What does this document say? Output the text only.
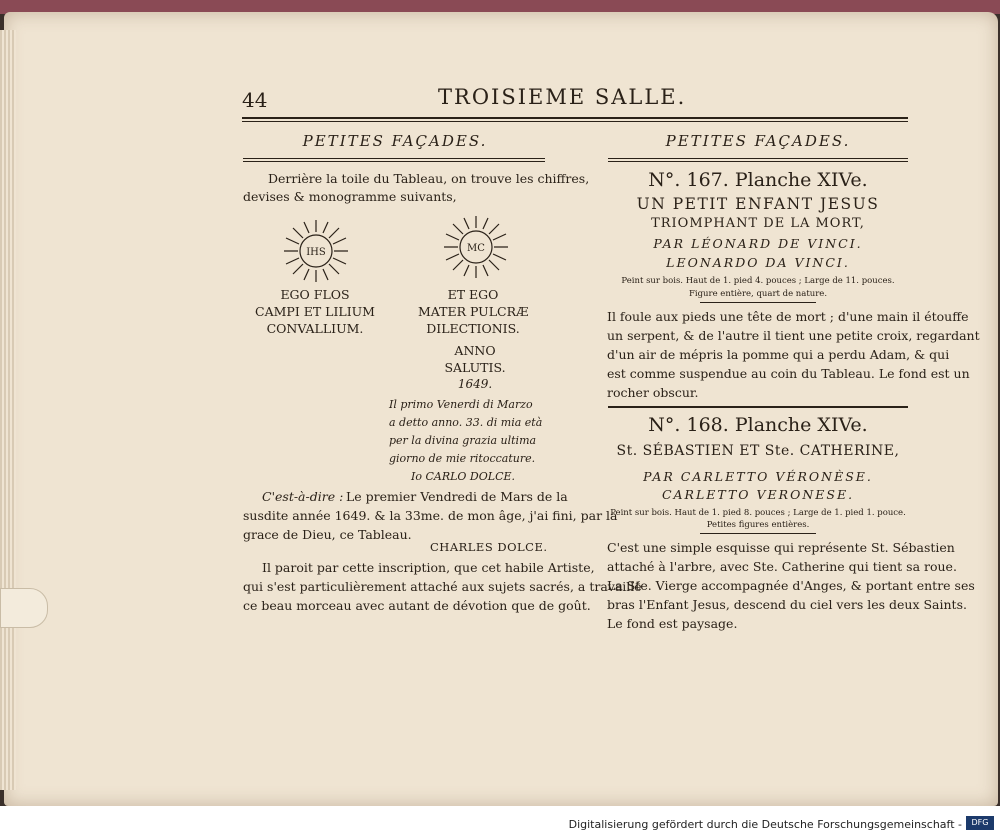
44	TROISIEME SALLE.
PETITES FAÇADES.
Derrière la toile du Tableau, on trouve les chiffres,
devises & monogramme suivants,
IHS	MC
EGO FLOS
CAMPI ET LILIUM
CONVALLIUM.
ET EGO
MATER PULCRÆ
DILECTIONIS.
ANNO
SALUTIS.
1649.
Il primo Venerdi di Marzo
a detto anno. 33. di mia età
per la divina grazia ultima
giorno de mie ritoccature.
Io CARLO DOLCE.
C'est-à-dire : Le premier Vendredi de Mars de la
susdite année 1649. & la 33me. de mon âge, j'ai fini, par la
grace de Dieu, ce Tableau.
CHARLES DOLCE.
Il paroit par cette inscription, que cet habile Artiste,
qui s'est particulièrement attaché aux sujets sacrés, a travaillé
ce beau morceau avec autant de dévotion que de goût.
PETITES FAÇADES.
N°. 167. Planche XIVe.
UN PETIT ENFANT JESUS
TRIOMPHANT DE LA MORT,
PAR LÉONARD DE VINCI.
LEONARDO DA VINCI.
Peint sur bois. Haut de 1. pied 4. pouces ; Large de 11. pouces.
Figure entière, quart de nature.
Il foule aux pieds une tête de mort ; d'une main il étouffe
un serpent, & de l'autre il tient une petite croix, regardant
d'un air de mépris la pomme qui a perdu Adam, & qui
est comme suspendue au coin du Tableau. Le fond est un
rocher obscur.
N°. 168. Planche XIVe.
St. SÉBASTIEN ET Ste. CATHERINE,
PAR CARLETTO VÉRONÈSE.
CARLETTO VERONESE.
Peint sur bois. Haut de 1. pied 8. pouces ; Large de 1. pied 1. pouce.
Petites figures entières.
C'est une simple esquisse qui représente St. Sébastien
attaché à l'arbre, avec Ste. Catherine qui tient sa roue.
La Ste. Vierge accompagnée d'Anges, & portant entre ses
bras l'Enfant Jesus, descend du ciel vers les deux Saints.
Le fond est paysage.
Digitalisierung gefördert durch die Deutsche Forschungsgemeinschaft -	DFG
